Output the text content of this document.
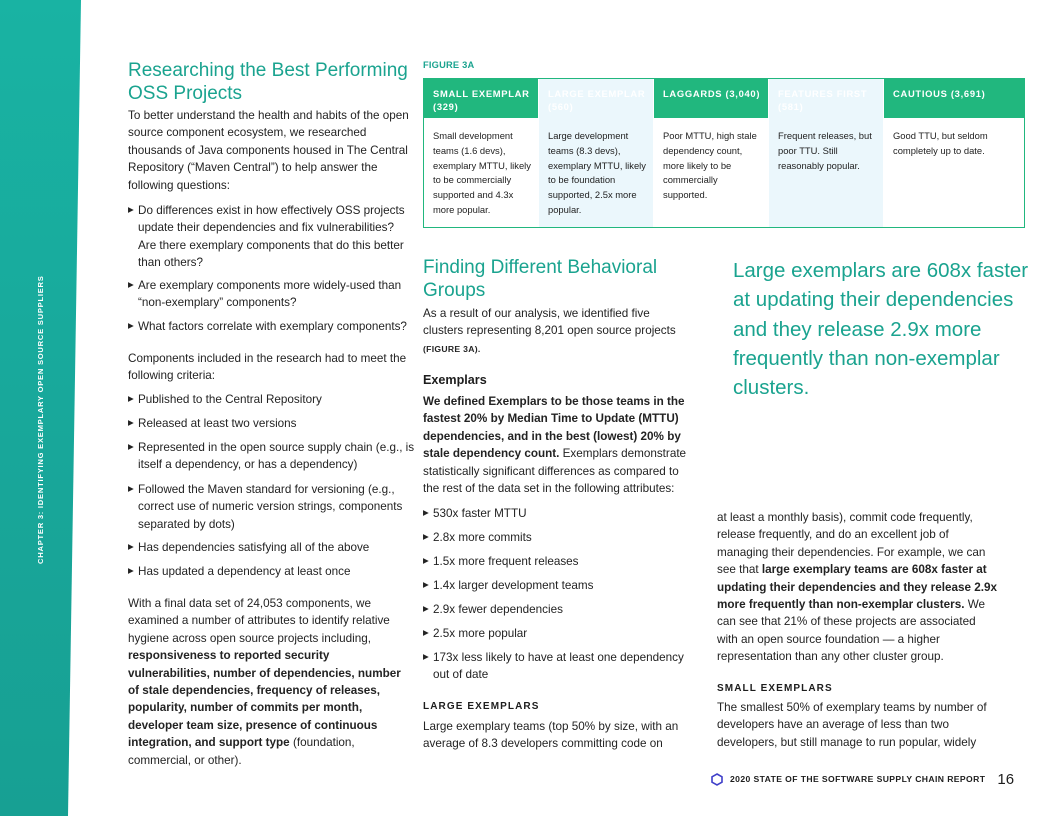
CHAPTER 3: IDENTIFYING EXEMPLARY OPEN SOURCE SUPPLIERS
Researching the Best Performing OSS Projects
To better understand the health and habits of the open source component ecosystem, we researched thousands of Java components housed in The Central Repository (“Maven Central”) to help answer the following questions:
▶ Do differences exist in how effectively OSS projects update their dependencies and fix vulnerabilities? Are there exemplary components that do this better than others?
▶ Are exemplary components more widely-used than “non-exemplary” components?
▶ What factors correlate with exemplary components?
Components included in the research had to meet the following criteria:
▶ Published to the Central Repository
▶ Released at least two versions
▶ Represented in the open source supply chain (e.g., is itself a dependency, or has a dependency)
▶ Followed the Maven standard for versioning (e.g., correct use of numeric version strings, components separated by dots)
▶ Has dependencies satisfying all of the above
▶ Has updated a dependency at least once
With a final data set of 24,053 components, we examined a number of attributes to identify relative hygiene across open source projects including, responsiveness to reported security vulnerabilities, number of dependencies, number of stale dependencies, frequency of releases, popularity, number of commits per month, developer team size, presence of continuous integration, and support type (foundation, commercial, or other).
FIGURE 3A
SMALL EXEMPLAR (329)
Small development teams (1.6 devs), exemplary MTTU, likely to be commercially supported and 4.3x more popular.
LARGE EXEMPLAR (560)
Large development teams (8.3 devs), exemplary MTTU, likely to be foundation supported, 2.5x more popular.
LAGGARDS (3,040)
Poor MTTU, high stale dependency count, more likely to be commercially supported.
FEATURES FIRST (581)
Frequent releases, but poor TTU. Still reasonably popular.
CAUTIOUS (3,691)
Good TTU, but seldom completely up to date.
Finding Different Behavioral Groups
As a result of our analysis, we identified five clusters representing 8,201 open source projects (FIGURE 3A).
Exemplars
We defined Exemplars to be those teams in the fastest 20% by Median Time to Update (MTTU) dependencies, and in the best (lowest) 20% by stale dependency count. Exemplars demonstrate statistically significant differences as compared to the rest of the data set in the following attributes:
▶ 530x faster MTTU
▶ 2.8x more commits
▶ 1.5x more frequent releases
▶ 1.4x larger development teams
▶ 2.9x fewer dependencies
▶ 2.5x more popular
▶ 173x less likely to have at least one dependency out of date
LARGE EXEMPLARS
Large exemplary teams (top 50% by size, with an average of 8.3 developers committing code on
Large exemplars are 608x faster at updating their dependencies and they release 2.9x more frequently than non-exemplar clusters.
at least a monthly basis), commit code frequently, release frequently, and do an excellent job of managing their dependencies. For example, we can see that large exemplary teams are 608x faster at updating their dependencies and they release 2.9x more frequently than non-exemplar clusters. We can see that 21% of these projects are associated with an open source foundation — a higher representation than any other cluster group.
SMALL EXEMPLARS
The smallest 50% of exemplary teams by number of developers have an average of less than two developers, but still manage to run popular, widely
2020 STATE OF THE SOFTWARE SUPPLY CHAIN REPORT 16
